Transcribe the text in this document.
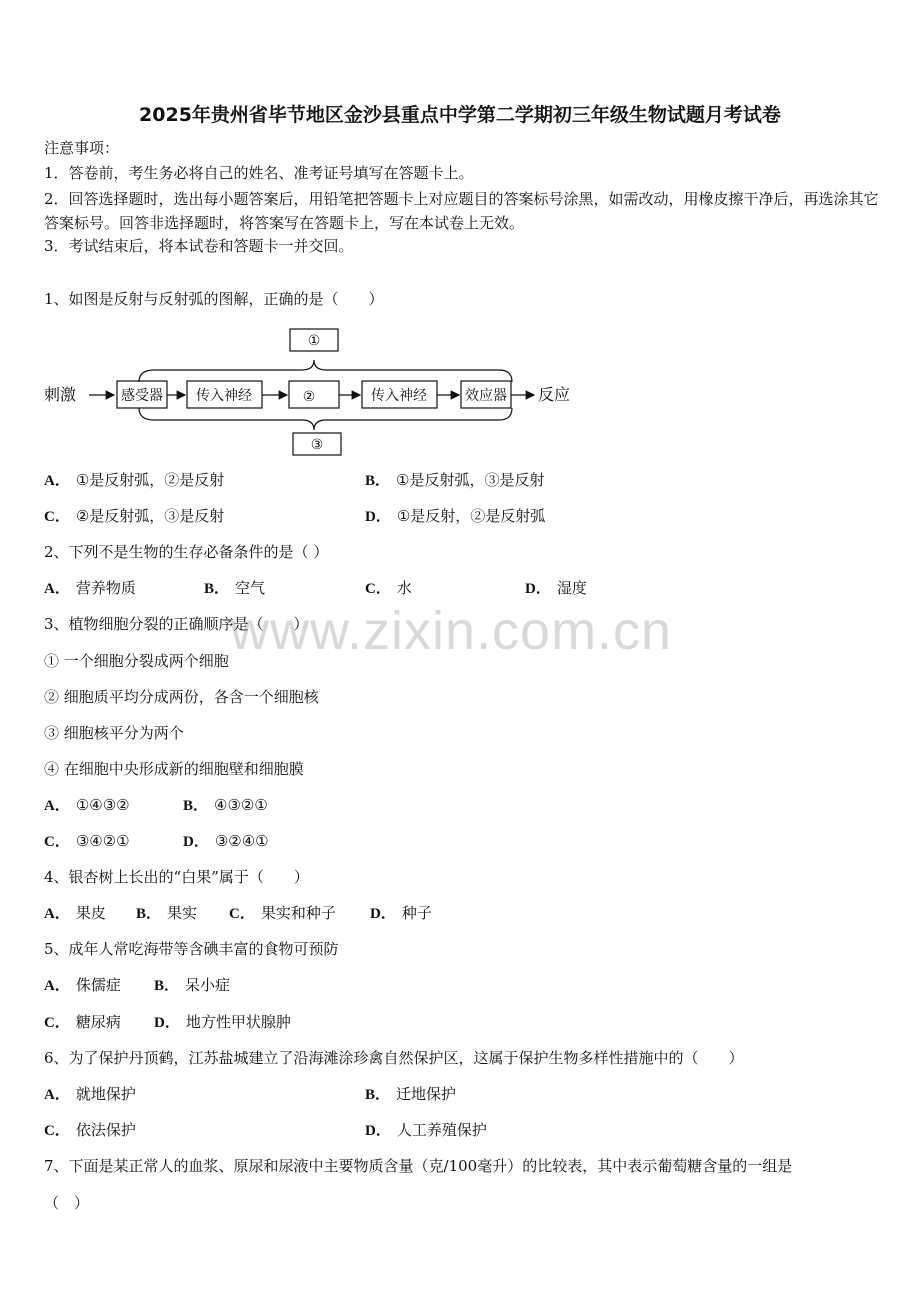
2025年贵州省毕节地区金沙县重点中学第二学期初三年级生物试题月考试卷
注意事项：
1．答卷前，考生务必将自己的姓名、准考证号填写在答题卡上。
2．回答选择题时，选出每小题答案后，用铅笔把答题卡上对应题目的答案标号涂黑，如需改动，用橡皮擦干净后，再选涂其它答案标号。回答非选择题时，将答案写在答题卡上，写在本试卷上无效。
3．考试结束后，将本试卷和答题卡一并交回。
1、如图是反射与反射弧的图解，正确的是（　　）
①
③
刺激	感受器 传入神经	②	传入神经	效应器 反应
A． ①是反射弧，②是反射	B． ①是反射弧，③是反射
C． ②是反射弧，③是反射	D． ①是反射，②是反射弧
2、下列不是生物的生存必备条件的是（ ）
A． 营养物质	B． 空气	C． 水	D． 湿度
www.zixin.com.cn
3、植物细胞分裂的正确顺序是（　　）
① 一个细胞分裂成两个细胞
② 细胞质平均分成两份，各含一个细胞核
③ 细胞核平分为两个
④ 在细胞中央形成新的细胞壁和细胞膜
A． ①④③②	B． ④③②①
C． ③④②①	D． ③②④①
4、银杏树上长出的“白果”属于（　　）
A． 果皮 B． 果实 C． 果实和种子 D． 种子
5、成年人常吃海带等含碘丰富的食物可预防
A． 侏儒症 B． 呆小症
C． 糖尿病 D． 地方性甲状腺肿
6、为了保护丹顶鹤，江苏盐城建立了沿海滩涂珍禽自然保护区，这属于保护生物多样性措施中的（　　）
A． 就地保护	B． 迁地保护
C． 依法保护	D． 人工养殖保护
7、下面是某正常人的血浆、原尿和尿液中主要物质含量（克/100毫升）的比较表，其中表示葡萄糖含量的一组是
（　）
